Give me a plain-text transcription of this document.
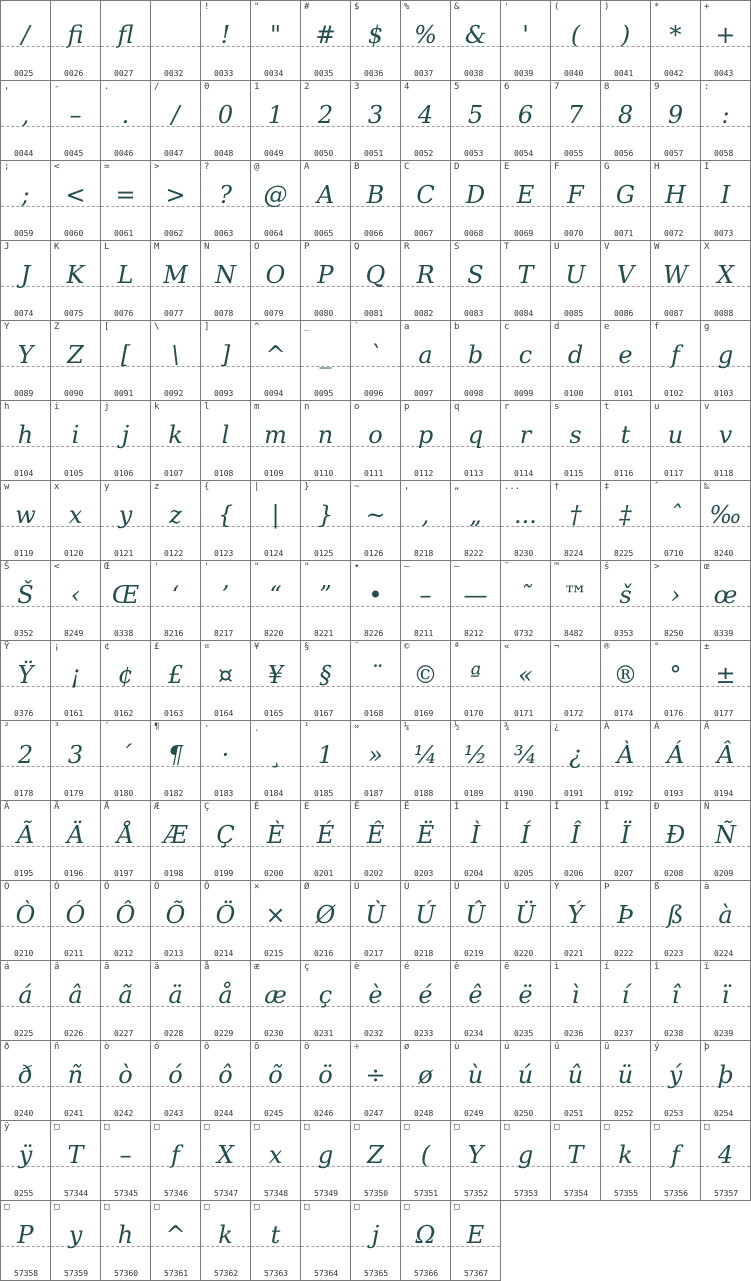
/
0025
ﬁ
0026
ﬂ
0027	0032
!
!
0033
"
"
0034
#
#
0035
$
$
0036
%
%
0037
&
&
0038
'
'
0039
(
(
0040
)
)
0041
*
*
0042
+
+
0043
,
,
0044
-
–
0045
.
.
0046
/
/
0047
0
0
0048
1
1
0049
2
2
0050
3
3
0051
4
4
0052
5
5
0053
6
6
0054
7
7
0055
8
8
0056
9
9
0057
:
:
0058
;
;
0059
<
<
0060
=
=
0061
>
>
0062
?
?
0063
@
@
0064
A
A
0065
B
B
0066
C
C
0067
D
D
0068
E
E
0069
F
F
0070
G
G
0071
H
H
0072
I
I
0073
J
J
0074
K
K
0075
L
L
0076
M
M
0077
N
N
0078
O
O
0079
P
P
0080
Q
Q
0081
R
R
0082
S
S
0083
T
T
0084
U
U
0085
V
V
0086
W
W
0087
X
X
0088
Y
Y
0089
Z
Z
0090
[
[
0091
\
\
0092
]
]
0093
^
^
0094
_
_
0095
`
`
0096
a
a
0097
b
b
0098
c
c
0099
d
d
0100
e
e
0101
f
f
0102
g
g
0103
h
h
0104
i
i
0105
j
j
0106
k
k
0107
l
l
0108
m
m
0109
n
n
0110
o
o
0111
p
p
0112
q
q
0113
r
r
0114
s
s
0115
t
t
0116
u
u
0117
v
v
0118
w
w
0119
x
x
0120
y
y
0121
z
z
0122
{
{
0123
|
|
0124
}
}
0125
~
~
0126
,
,
8218
„
„
8222
...
...
8230
†
†
8224
‡
‡
8225
ˆ
ˆ
0710
‰
‰
8240
Š
Š
0352
<
‹
8249
Œ
Œ
0338
'
‘
8216
'
’
8217
"
“
8220
"
”
8221
•
•
8226
–
–
8211
—
—
8212
˜
˜
0732
™
™
8482
š
š
0353
>
›
8250
œ
œ
0339
Ÿ
Ÿ
0376
¡
¡
0161
¢
¢
0162
£
£
0163
¤
¤
0164
¥
¥
0165
§
§
0167
¨
¨
0168
©
©
0169
ª
ª
0170
«
«
0171
¬
0172
®
®
0174
°
°
0176
±
±
0177
²
2
0178
³
3
0179
´
´
0180
¶
¶
0182
·
·
0183
¸
¸
0184
¹
1
0185
»
»
0187
¼
¼
0188
½
½
0189
¾
¾
0190
¿
¿
0191
À
À
0192
Á
Á
0193
Â
Â
0194
Ã
Ã
0195
Ä
Ä
0196
Å
Å
0197
Æ
Æ
0198
Ç
Ç
0199
È
È
0200
É
É
0201
Ê
Ê
0202
Ë
Ë
0203
Ì
Ì
0204
Í
Í
0205
Î
Î
0206
Ï
Ï
0207
Ð
Ð
0208
Ñ
Ñ
0209
Ò
Ò
0210
Ó
Ó
0211
Ô
Ô
0212
Õ
Õ
0213
Ö
Ö
0214
×
×
0215
Ø
Ø
0216
Ù
Ù
0217
Ú
Ú
0218
Û
Û
0219
Ü
Ü
0220
Ý
Ý
0221
Þ
Þ
0222
ß
ß
0223
à
à
0224
á
á
0225
â
â
0226
ã
ã
0227
ä
ä
0228
å
å
0229
æ
æ
0230
ç
ç
0231
è
è
0232
é
é
0233
ê
ê
0234
ë
ë
0235
ì
ì
0236
í
í
0237
î
î
0238
ï
ï
0239
ð
ð
0240
ñ
ñ
0241
ò
ò
0242
ó
ó
0243
ô
ô
0244
õ
õ
0245
ö
ö
0246
÷
÷
0247
ø
ø
0248
ù
ù
0249
ú
ú
0250
û
û
0251
ü
ü
0252
ý
ý
0253
þ
þ
0254
ÿ
ÿ
0255
□
T
57344
□
–
57345
□
f
57346
□
X
57347
□
x
57348
□
g
57349
□
Z
57350
□
(
57351
□
Y
57352
□
g
57353
□
T
57354
□
k
57355
□
f
57356
□
4
57357
□
P
57358
□
y
57359
□
h
57360
□
^
57361
□
k
57362
□
t
57363
□
57364
□
j
57365
□
Ω
57366
□
E
57367
